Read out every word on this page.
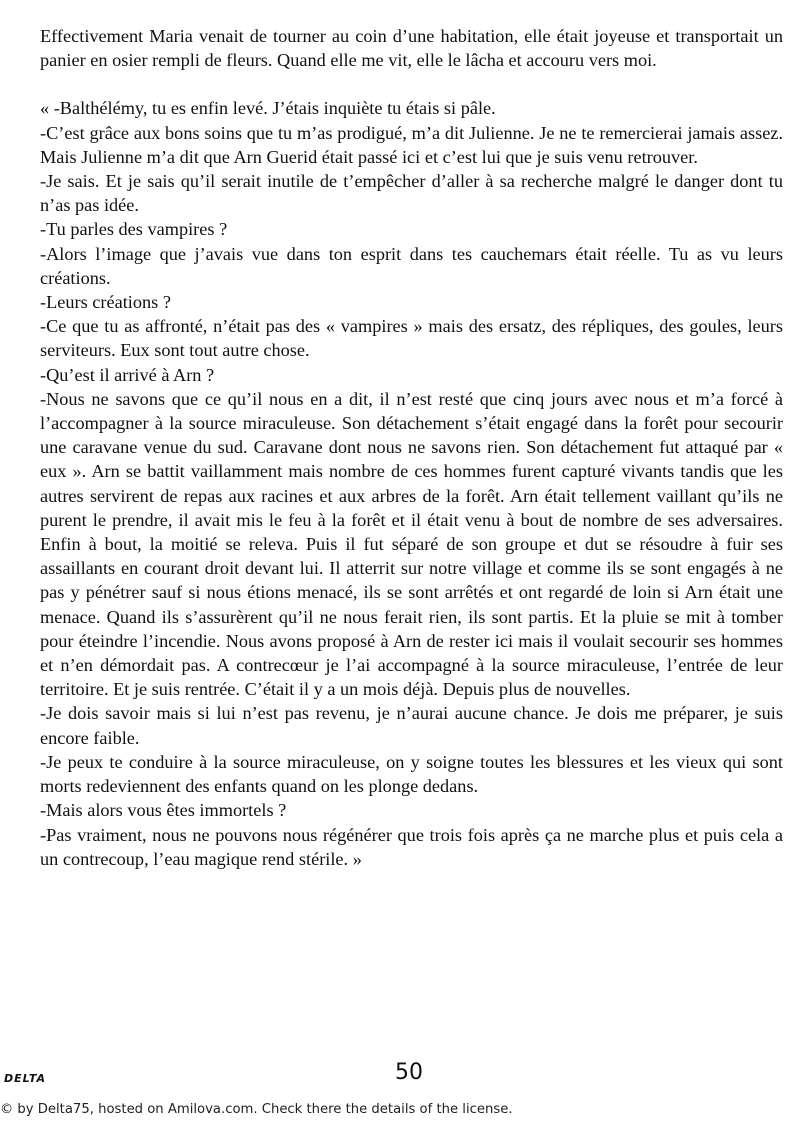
Effectivement Maria venait de tourner au coin d’une habitation, elle était joyeuse et transportait un panier en osier rempli de fleurs. Quand elle me vit, elle le lâcha et accouru vers moi.

« -Balthélémy, tu es enfin levé. J’étais inquiète tu étais si pâle.

-C’est grâce aux bons soins que tu m’as prodigué, m’a dit Julienne. Je ne te remercierai jamais assez. Mais Julienne m’a dit que Arn Guerid était passé ici et c’est lui que je suis venu retrouver.

-Je sais. Et je sais qu’il serait inutile de t’empêcher d’aller à sa recherche malgré le danger dont tu n’as pas idée.

-Tu parles des vampires ?

-Alors l’image que j’avais vue dans ton esprit dans tes cauchemars était réelle. Tu as vu leurs créations.

-Leurs créations ?

-Ce que tu as affronté, n’était pas des « vampires » mais des ersatz, des répliques, des goules, leurs serviteurs. Eux sont tout autre chose.

-Qu’est il arrivé à Arn ?

-Nous ne savons que ce qu’il nous en a dit, il n’est resté que cinq jours avec nous et m’a forcé à l’accompagner à la source miraculeuse. Son détachement s’était engagé dans la forêt pour secourir une caravane venue du sud. Caravane dont nous ne savons rien. Son détachement fut attaqué par « eux ». Arn se battit vaillamment mais nombre de ces hommes furent capturé vivants tandis que les autres servirent de repas aux racines et aux arbres de la forêt. Arn était tellement vaillant qu’ils ne purent le prendre, il avait mis le feu à la forêt et il était venu à bout de nombre de ses adversaires. Enfin à bout, la moitié se releva. Puis il fut séparé de son groupe et dut se résoudre à fuir ses assaillants en courant droit devant lui. Il atterrit sur notre village et comme ils se sont engagés à ne pas y pénétrer sauf si nous étions menacé, ils se sont arrêtés et ont regardé de loin si Arn était une menace. Quand ils s’assurèrent qu’il ne nous ferait rien, ils sont partis. Et la pluie se mit à tomber pour éteindre l’incendie. Nous avons proposé à Arn de rester ici mais il voulait secourir ses hommes et n’en démordait pas. A contrecœur je l’ai accompagné à la source miraculeuse, l’entrée de leur territoire. Et je suis rentrée. C’était il y a un mois déjà. Depuis plus de nouvelles.

-Je dois savoir mais si lui n’est pas revenu, je n’aurai aucune chance. Je dois me préparer, je suis encore faible.

-Je peux te conduire à la source miraculeuse, on y soigne toutes les blessures et les vieux qui sont morts redeviennent des enfants quand on les plonge dedans.

-Mais alors vous êtes immortels ?

-Pas vraiment, nous ne pouvons nous régénérer que trois fois après ça ne marche plus et puis cela a un contrecoup, l’eau magique rend stérile. »

DELTA	50
© by Delta75, hosted on Amilova.com. Check there the details of the license.
